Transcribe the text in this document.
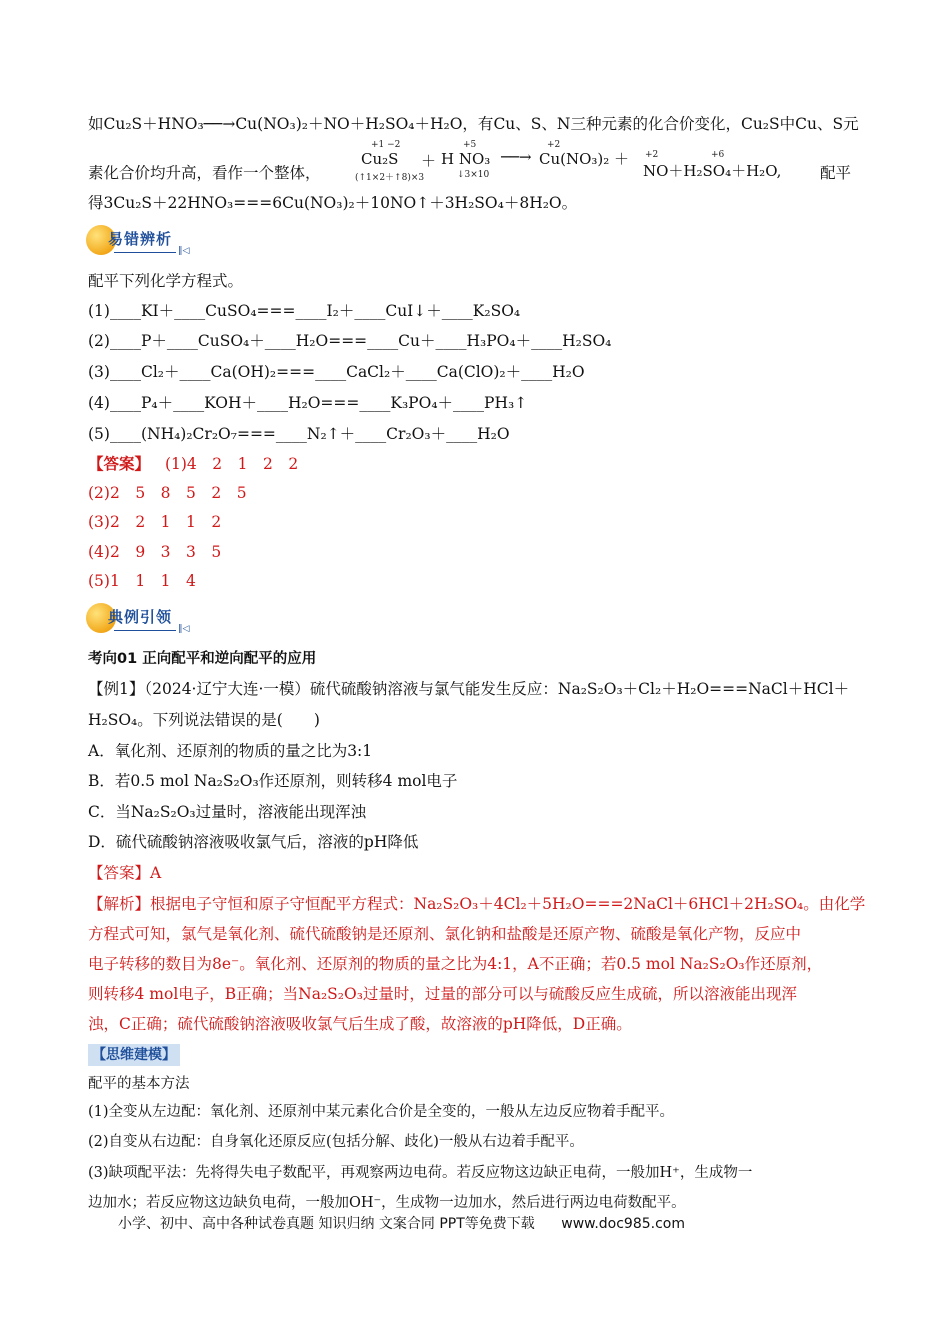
如Cu₂S＋HNO₃──→Cu(NO₃)₂＋NO＋H₂SO₄＋H₂O，有Cu、S、N三种元素的化合价变化，Cu₂S中Cu、S元
素化合价均升高，看作一个整体，
+1 −2
Cu₂S
(↑1×2＋↑8)×3
＋
+5
H NO₃
↓3×10
──→
+2
Cu(NO₃)₂ ＋ +2	+6
NO＋H₂SO₄＋H₂O, 配平
得3Cu₂S＋22HNO₃===6Cu(NO₃)₂＋10NO↑＋3H₂SO₄＋8H₂O。
易错辨析
‖◁
配平下列化学方程式。
(1)____KI＋____CuSO₄===____I₂＋____CuI↓＋____K₂SO₄
(2)____P＋____CuSO₄＋____H₂O===____Cu＋____H₃PO₄＋____H₂SO₄
(3)____Cl₂＋____Ca(OH)₂===____CaCl₂＋____Ca(ClO)₂＋____H₂O
(4)____P₄＋____KOH＋____H₂O===____K₃PO₄＋____PH₃↑
(5)____(NH₄)₂Cr₂O₇===____N₂↑＋____Cr₂O₃＋____H₂O
【答案】 (1)4　2　1　2　2
(2)2　5　8　5　2　5
(3)2　2　1　1　2
(4)2　9　3　3　5
(5)1　1　1　4
典例引领
‖◁
考向01 正向配平和逆向配平的应用
【例1】（2024·辽宁大连·一模）硫代硫酸钠溶液与氯气能发生反应：Na₂S₂O₃＋Cl₂＋H₂O===NaCl＋HCl＋
H₂SO₄。下列说法错误的是(　　)
A．氧化剂、还原剂的物质的量之比为3:1
B．若0.5 mol Na₂S₂O₃作还原剂，则转移4 mol电子
C．当Na₂S₂O₃过量时，溶液能出现浑浊
D．硫代硫酸钠溶液吸收氯气后，溶液的pH降低
【答案】A
【解析】根据电子守恒和原子守恒配平方程式：Na₂S₂O₃＋4Cl₂＋5H₂O===2NaCl＋6HCl＋2H₂SO₄。由化学
方程式可知，氯气是氧化剂、硫代硫酸钠是还原剂、氯化钠和盐酸是还原产物、硫酸是氧化产物，反应中
电子转移的数目为8e⁻。氧化剂、还原剂的物质的量之比为4:1，A不正确；若0.5 mol Na₂S₂O₃作还原剂，
则转移4 mol电子，B正确；当Na₂S₂O₃过量时，过量的部分可以与硫酸反应生成硫，所以溶液能出现浑
浊，C正确；硫代硫酸钠溶液吸收氯气后生成了酸，故溶液的pH降低，D正确。
【思维建模】
配平的基本方法
(1)全变从左边配：氧化剂、还原剂中某元素化合价是全变的，一般从左边反应物着手配平。
(2)自变从右边配：自身氧化还原反应(包括分解、歧化)一般从右边着手配平。
(3)缺项配平法：先将得失电子数配平，再观察两边电荷。若反应物这边缺正电荷，一般加H⁺，生成物一
边加水；若反应物这边缺负电荷，一般加OH⁻，生成物一边加水，然后进行两边电荷数配平。
小学、初中、高中各种试卷真题 知识归纳 文案合同 PPT等免费下载 www.doc985.com
